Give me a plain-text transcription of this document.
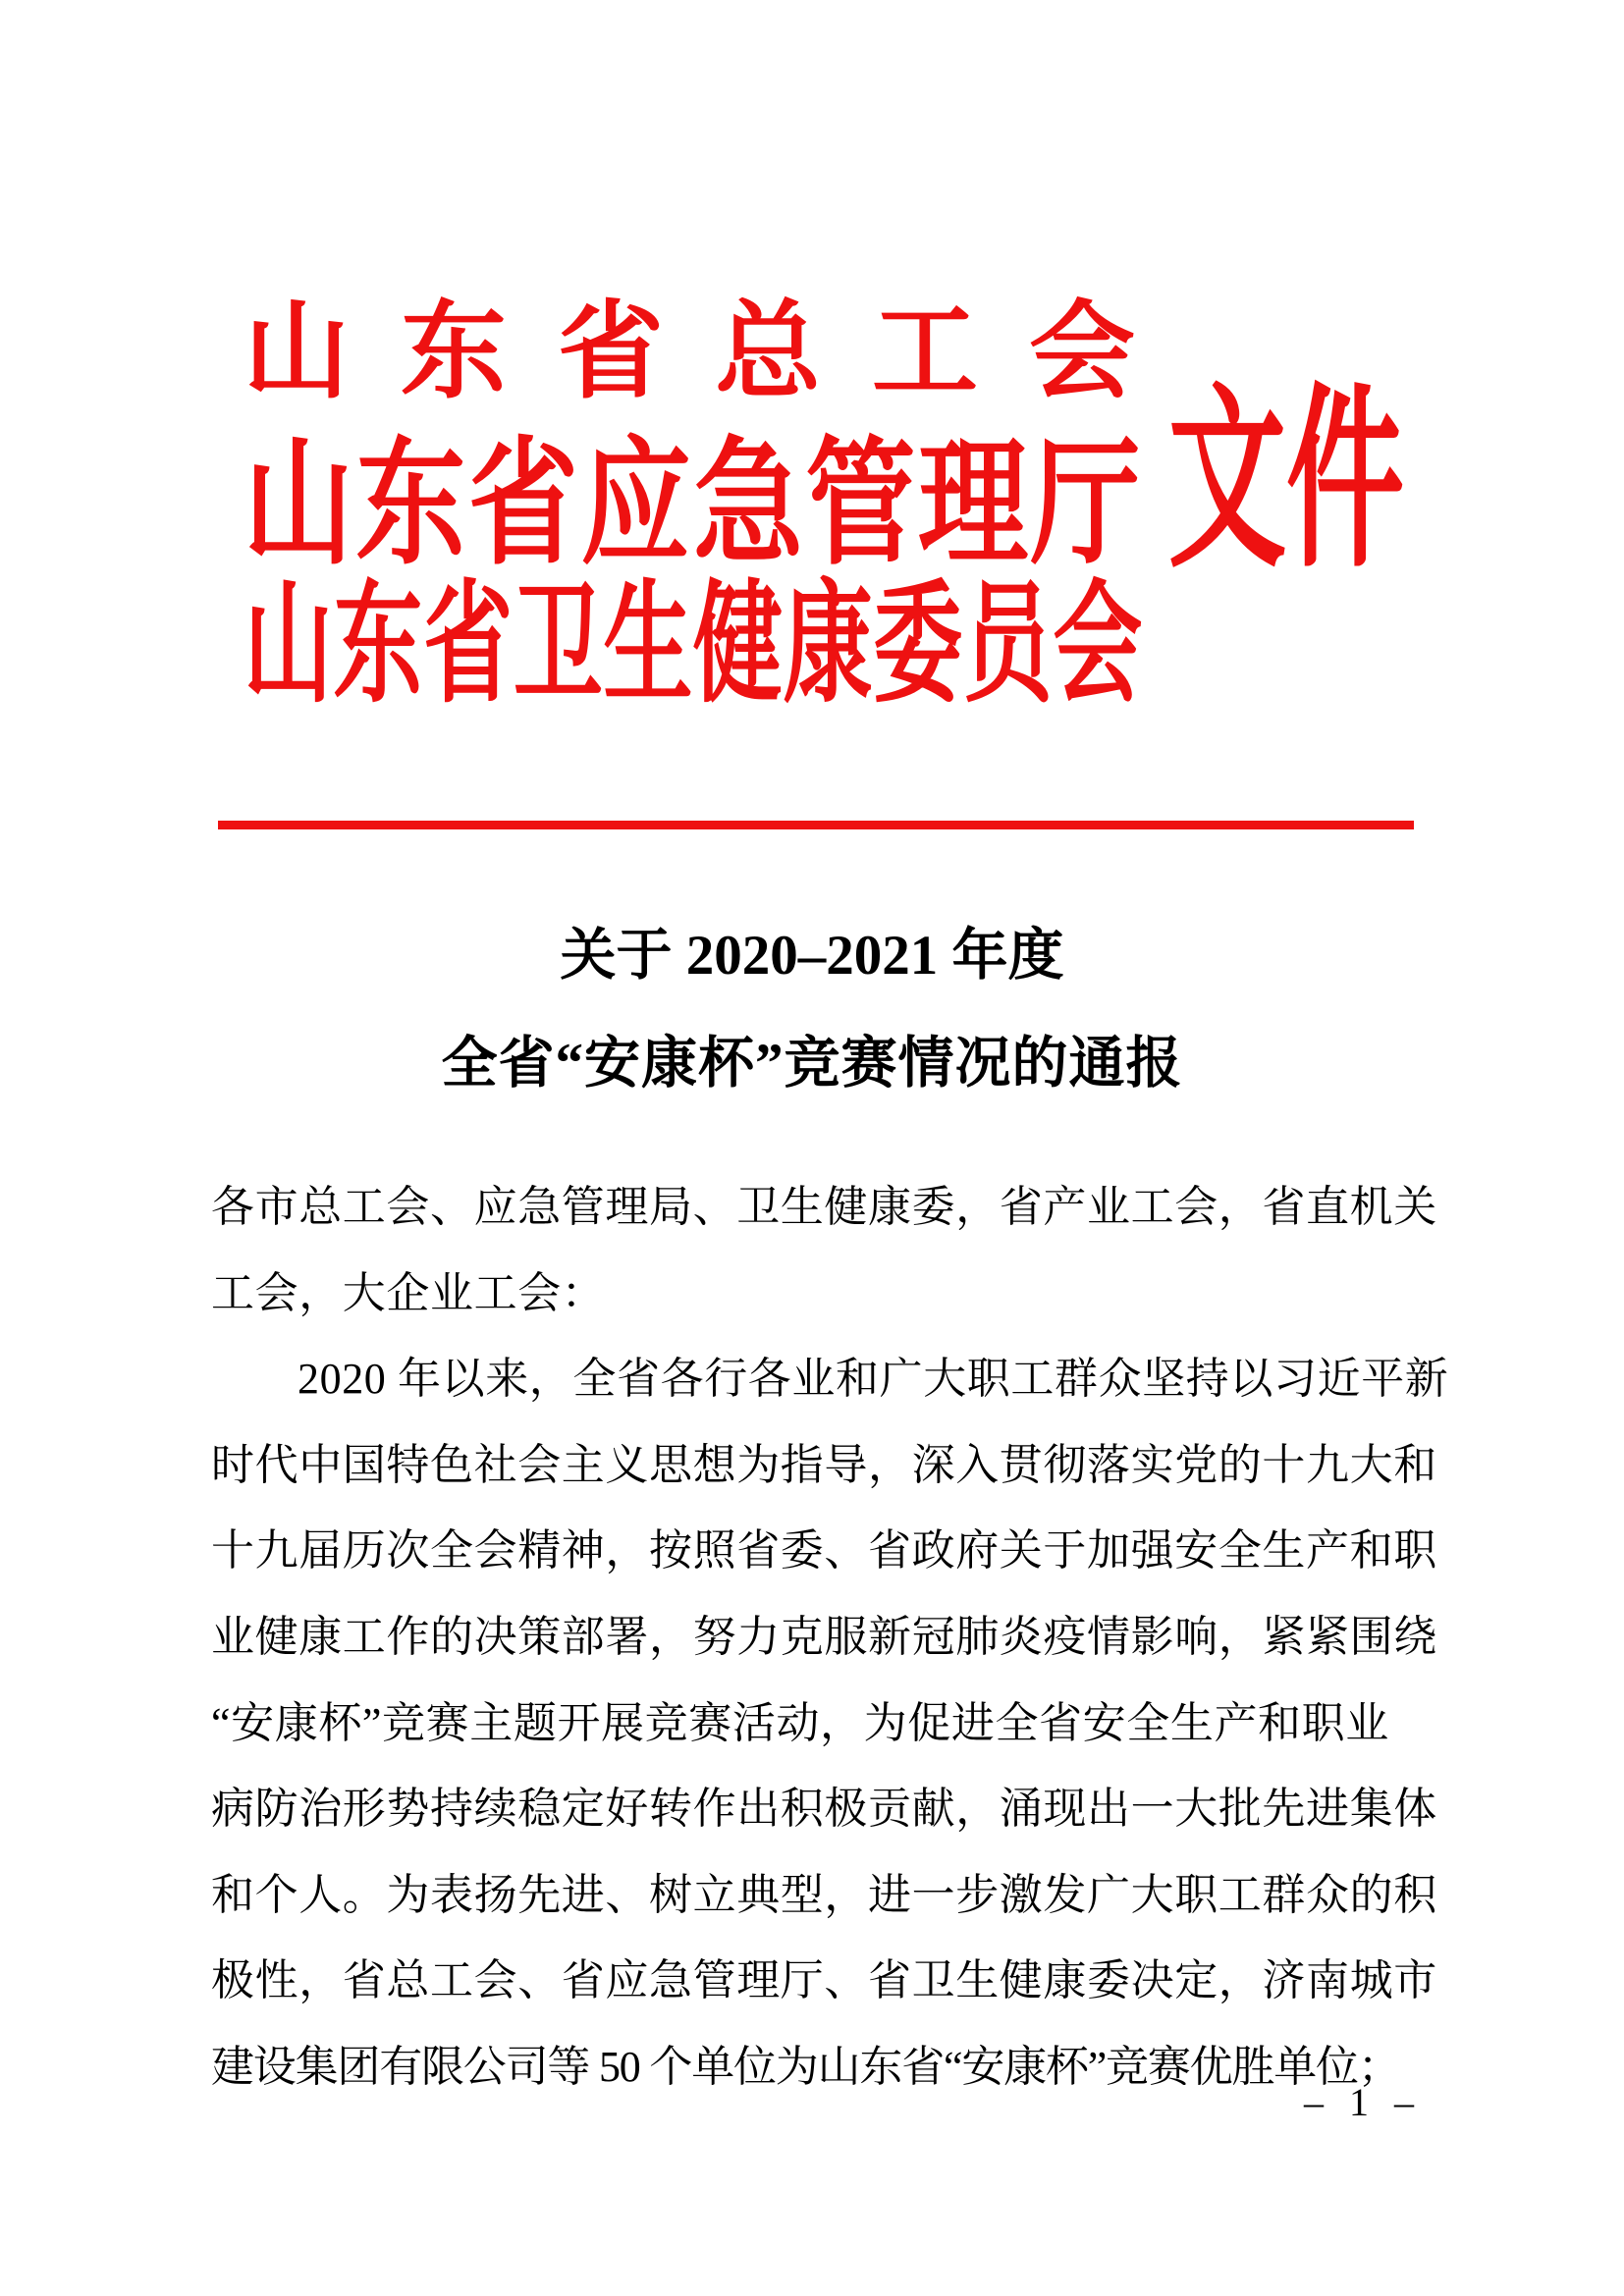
山东省总工会
山东省应急管理厅
山东省卫生健康委员会
文件
关于 2020–2021 年度
全省“安康杯”竞赛情况的通报
各市总工会、应急管理局、卫生健康委，省产业工会，省直机关
工会，大企业工会：
2020 年以来，全省各行各业和广大职工群众坚持以习近平新
时代中国特色社会主义思想为指导，深入贯彻落实党的十九大和
十九届历次全会精神，按照省委、省政府关于加强安全生产和职
业健康工作的决策部署，努力克服新冠肺炎疫情影响，紧紧围绕
“安康杯”竞赛主题开展竞赛活动，为促进全省安全生产和职业
病防治形势持续稳定好转作出积极贡献，涌现出一大批先进集体
和个人。为表扬先进、树立典型，进一步激发广大职工群众的积
极性，省总工会、省应急管理厅、省卫生健康委决定，济南城市
建设集团有限公司等 50 个单位为山东省“安康杯”竞赛优胜单位；
– 1 –
